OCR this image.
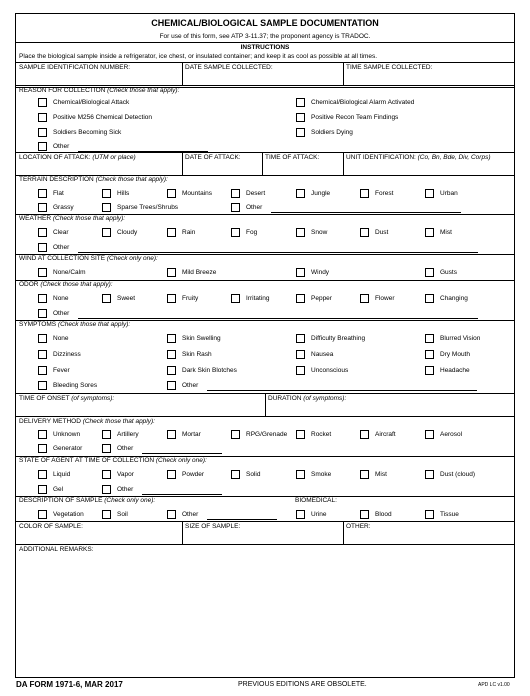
CHEMICAL/BIOLOGICAL SAMPLE DOCUMENTATION
For use of this form, see ATP 3-11.37; the proponent agency is TRADOC.
INSTRUCTIONS
Place the biological sample inside a refrigerator, ice chest, or insulated container; and keep it as cool as possible at all times.
SAMPLE IDENTIFICATION NUMBER:	DATE SAMPLE COLLECTED:	TIME SAMPLE COLLECTED:
REASON FOR COLLECTION (Check those that apply):
LOCATION OF ATTACK: (UTM or place)	DATE OF ATTACK:	TIME OF ATTACK:	UNIT IDENTIFICATION: (Co, Bn, Bde, Div, Corps)
TERRAIN DESCRIPTION (Check those that apply):
WEATHER (Check those that apply):
WIND AT COLLECTION SITE (Check only one):
ODOR (Check those that apply):
SYMPTOMS (Check those that apply):
TIME OF ONSET (of symptoms):	DURATION (of symptoms):
DELIVERY METHOD (Check those that apply):
STATE OF AGENT AT TIME OF COLLECTION (Check only one):
DESCRIPTION OF SAMPLE (Check only one):	BIOMEDICAL:
COLOR OF SAMPLE:	SIZE OF SAMPLE:	OTHER:
ADDITIONAL REMARKS:
Chemical/Biological Attack	Chemical/Biological Alarm Activated
Positive M256 Chemical Detection	Positive Recon Team Findings
Soldiers Becoming Sick	Soldiers Dying
Other
Flat	Hills	Mountains	Desert	Jungle	Forest	Urban
Grassy	Sparse Trees/Shrubs	Other
Clear	Cloudy	Rain	Fog	Snow	Dust	Mist
Other
None/Calm	Mild Breeze	Windy	Gusts
None	Sweet	Fruity	Irritating	Pepper	Flower	Changing
Other
None	Skin Swelling	Difficulty Breathing	Blurred Vision
Dizziness	Skin Rash	Nausea	Dry Mouth
Fever	Dark Skin Blotches	Unconscious	Headache
Bleeding Sores	Other
Unknown	Artillery	Mortar	RPG/Grenade	Rocket	Aircraft	Aerosol
Generator	Other
Liquid	Vapor	Powder	Solid	Smoke	Mist	Dust (cloud)
Gel	Other
Vegetation	Soil	Other	Urine	Blood	Tissue
DA FORM 1971-6, MAR 2017	PREVIOUS EDITIONS ARE OBSOLETE.	APD LC v1.00
